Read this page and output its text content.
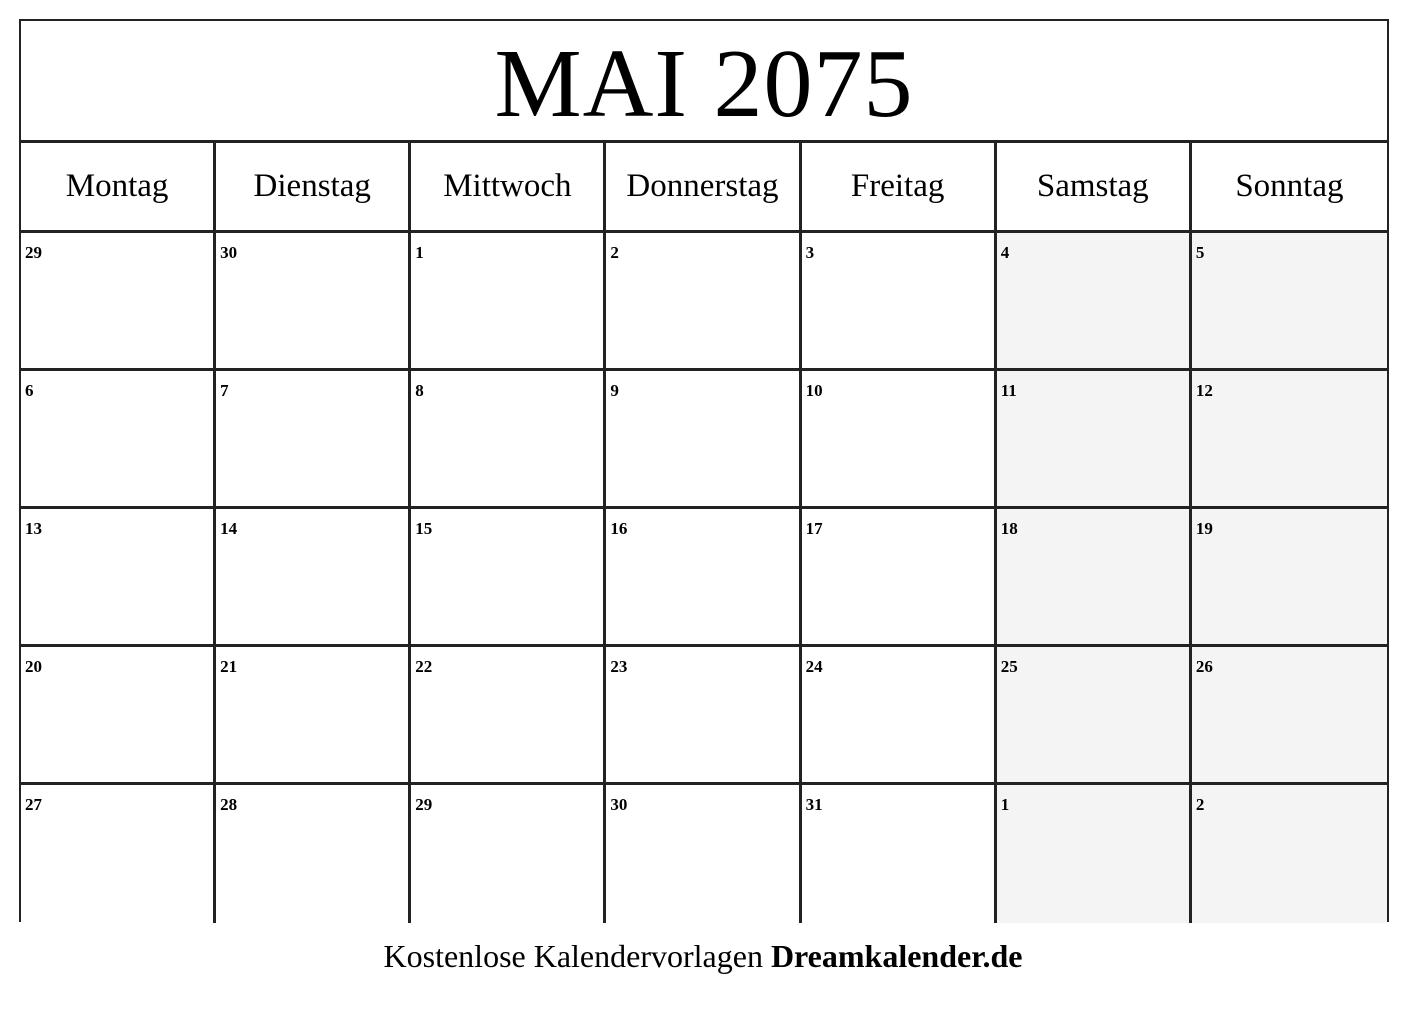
MAI 2075
Montag	Dienstag	Mittwoch	Donnerstag	Freitag	Samstag	Sonntag
29	30	1	2	3	4	5
6	7	8	9	10	11	12
13	14	15	16	17	18	19
20	21	22	23	24	25	26
27	28	29	30	31	1	2
Kostenlose Kalendervorlagen Dreamkalender.de
